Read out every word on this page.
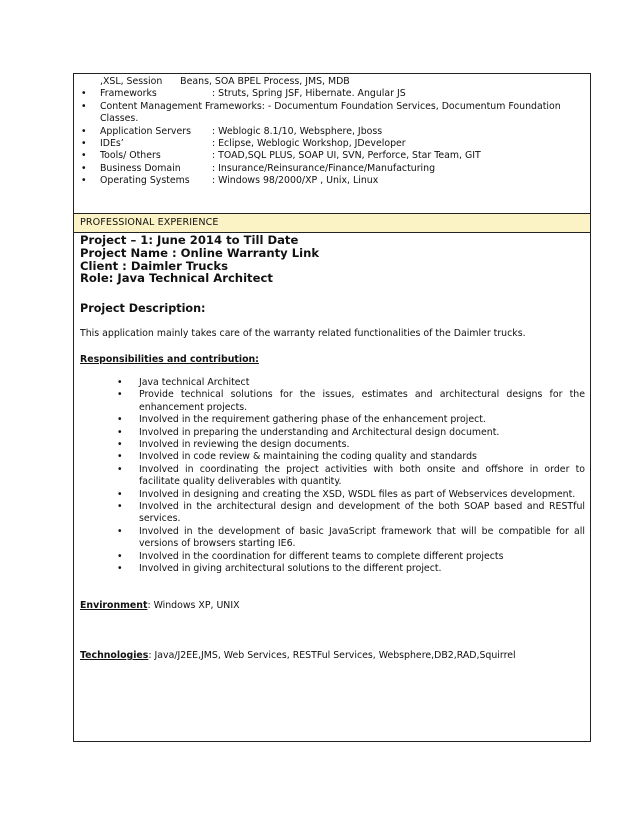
,XSL, Session      Beans, SOA BPEL Process, JMS, MDB
•	Frameworks	: Struts, Spring JSF, Hibernate. Angular JS
•	Content Management Frameworks: - Documentum Foundation Services, Documentum Foundation Classes.
•	Application Servers	: Weblogic 8.1/10, Websphere, Jboss
•	IDEs’	: Eclipse, Weblogic Workshop, JDeveloper
•	Tools/ Others	: TOAD,SQL PLUS, SOAP UI, SVN, Perforce, Star Team, GIT
•	Business Domain	: Insurance/Reinsurance/Finance/Manufacturing
•	Operating Systems	: Windows 98/2000/XP , Unix, Linux
PROFESSIONAL EXPERIENCE
Project – 1: June 2014 to Till Date
Project Name : Online Warranty Link
Client : Daimler Trucks
Role: Java Technical Architect
Project Description:
This application mainly takes care of the warranty related functionalities of the Daimler trucks.
Responsibilities and contribution:
•	Java technical Architect
•	Provide technical solutions for the issues, estimates and architectural designs for the enhancement projects.
•	Involved in the requirement gathering phase of the enhancement project.
•	Involved in preparing the understanding and Architectural design document.
•	Involved in reviewing the design documents.
•	Involved in code review & maintaining the coding quality and standards
•	Involved in coordinating the project activities with both onsite and offshore in order to facilitate quality deliverables with quantity.
•	Involved in designing and creating the XSD, WSDL files as part of Webservices development.
•	Involved in the architectural design and development of the both SOAP based and RESTful services.
•	Involved in the development of basic JavaScript framework that will be compatible for all versions of browsers starting IE6.
•	Involved in the coordination for different teams to complete different projects
•	Involved in giving architectural solutions to the different project.
Environment: Windows XP, UNIX
Technologies: Java/J2EE,JMS, Web Services, RESTFul Services, Websphere,DB2,RAD,Squirrel
